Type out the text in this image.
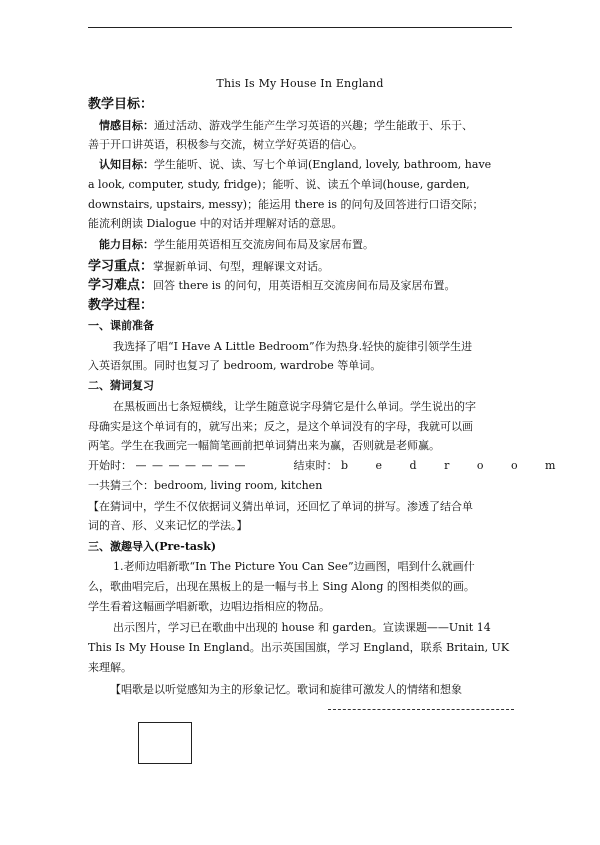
This Is My House In England
教学目标：
情感目标：通过活动、游戏学生能产生学习英语的兴趣；学生能敢于、乐于、
善于开口讲英语，积极参与交流，树立学好英语的信心。
认知目标：学生能听、说、读、写七个单词(England, lovely, bathroom, have
a look, computer, study, fridge)；能听、说、读五个单词(house, garden,
downstairs, upstairs, messy)；能运用 there is 的问句及回答进行口语交际；
能流利朗读 Dialogue 中的对话并理解对话的意思。
能力目标：学生能用英语相互交流房间布局及家居布置。
学习重点：掌握新单词、句型，理解课文对话。
学习难点：回答 there is 的问句，用英语相互交流房间布局及家居布置。
教学过程：
一、课前准备
我选择了唱“I Have A Little Bedroom”作为热身.轻快的旋律引领学生进
入英语氛围。同时也复习了 bedroom, wardrobe 等单词。
二、猜词复习
在黑板画出七条短横线，让学生随意说字母猜它是什么单词。学生说出的字
母确实是这个单词有的，就写出来；反之，是这个单词没有的字母，我就可以画
两笔。学生在我画完一幅简笔画前把单词猜出来为赢，否则就是老师赢。
开始时： — — — — — — —	结束时： b e d r o o m
一共猜三个：bedroom, living room, kitchen
【在猜词中，学生不仅依据词义猜出单词，还回忆了单词的拼写。渗透了结合单
词的音、形、义来记忆的学法。】
三、激趣导入(Pre-task)
1.老师边唱新歌“In The Picture You Can See”边画图，唱到什么就画什
么，歌曲唱完后，出现在黑板上的是一幅与书上 Sing Along 的图相类似的画。
学生看着这幅画学唱新歌，边唱边指相应的物品。
出示图片，学习已在歌曲中出现的 house 和 garden。宣读课题——Unit 14
This Is My House In England。出示英国国旗，学习 England，联系 Britain, UK
来理解。
【唱歌是以听觉感知为主的形象记忆。歌词和旋律可激发人的情绪和想象
